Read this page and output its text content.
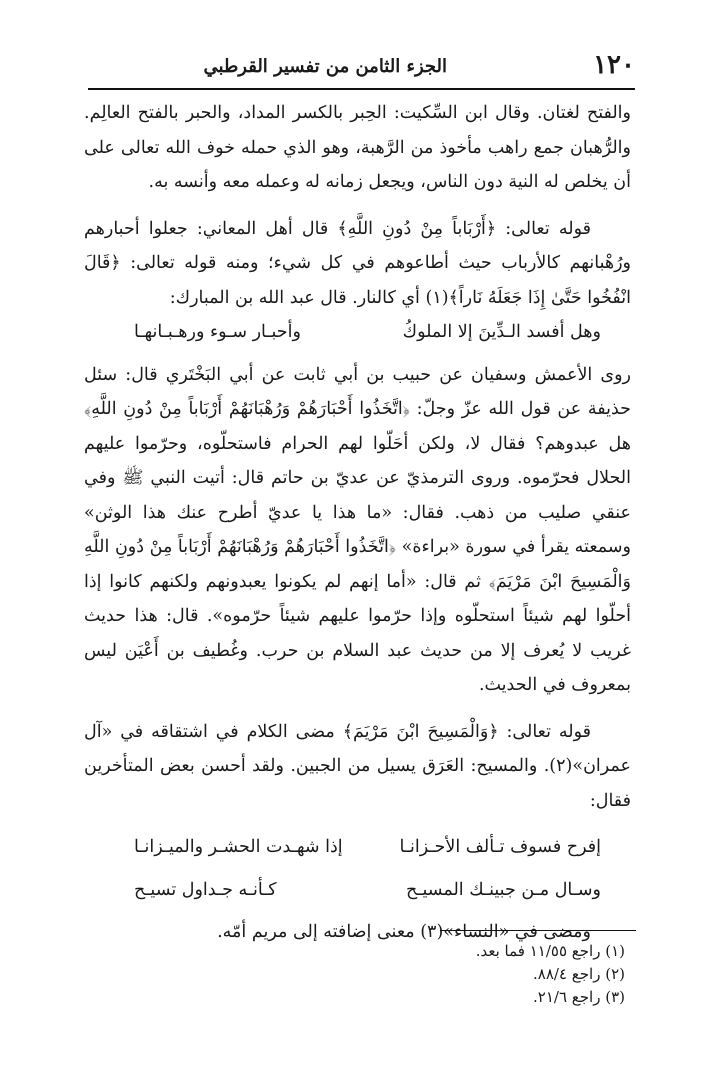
١٢٠
الجزء الثامن من تفسير القرطبي

والفتح لغتان. وقال ابن السِّكيت: الحِبر بالكسر المداد، والحبر بالفتح العالِم. والرُّهبان جمع راهب مأخوذ من الرَّهبة، وهو الذي حمله خوف الله تعالى على أن يخلص له النية دون الناس، ويجعل زمانه له وعمله معه وأنسه به.

قوله تعالى: ﴿أَرْبَاباً مِنْ دُونِ اللَّهِ﴾ قال أهل المعاني: جعلوا أحبارهم ورُهْبانهم كالأرباب حيث أطاعوهم في كل شيء؛ ومنه قوله تعالى: ﴿قَالَ انْفُخُوا حَتَّىٰ إِذَا جَعَلَهُ نَاراً﴾(١) أي كالنار. قال عبد الله بن المبارك:

وهل أفسد الـدِّينَ إلا الملوكُ
وأحبـار سـوء ورهـبـانهـا

روى الأعمش وسفيان عن حبيب بن أبي ثابت عن أبي البَخْتَري قال: سئل حذيفة عن قول الله عزّ وجلّ: ﴿اتَّخَذُوا أَحْبَارَهُمْ وَرُهْبَانَهُمْ أَرْبَاباً مِنْ دُونِ اللَّهِ﴾ هل عبدوهم؟ فقال لا، ولكن أحَلّوا لهم الحرام فاستحلّوه، وحرّموا عليهم الحلال فحرّموه. وروى الترمذيّ عن عديّ بن حاتم قال: أتيت النبي ﷺ وفي عنقي صليب من ذهب. فقال: «ما هذا يا عديّ أطرح عنك هذا الوثن» وسمعته يقرأ في سورة «براءة» ﴿اتَّخَذُوا أَحْبَارَهُمْ وَرُهْبَانَهُمْ أَرْبَاباً مِنْ دُونِ اللَّهِ وَالْمَسِيحَ ابْنَ مَرْيَمَ﴾ ثم قال: «أما إنهم لم يكونوا يعبدونهم ولكنهم كانوا إذا أحلّوا لهم شيئاً استحلّوه وإذا حرّموا عليهم شيئاً حرّموه». قال: هذا حديث غريب لا يُعرف إلا من حديث عبد السلام بن حرب. وغُطيف بن أَعْيَن ليس بمعروف في الحديث.

قوله تعالى: ﴿وَالْمَسِيحَ ابْنَ مَرْيَمَ﴾ مضى الكلام في اشتقاقه في «آل عمران»(٢). والمسيح: العَرَق يسيل من الجبين. ولقد أحسن بعض المتأخرين فقال:

إفرح فسوف تـألف الأحـزانـا
إذا شهـدت الحشـر والميـزانـا
وسـال مـن جبينـك المسيـح
كـأنـه جـداول تسيـح

ومضى في «النساء»(٣) معنى إضافته إلى مريم أمّه.

(١) راجع ١١/٥٥ فما بعد.

(٢) راجع ٨٨/٤.

(٣) راجع ٢١/٦.
